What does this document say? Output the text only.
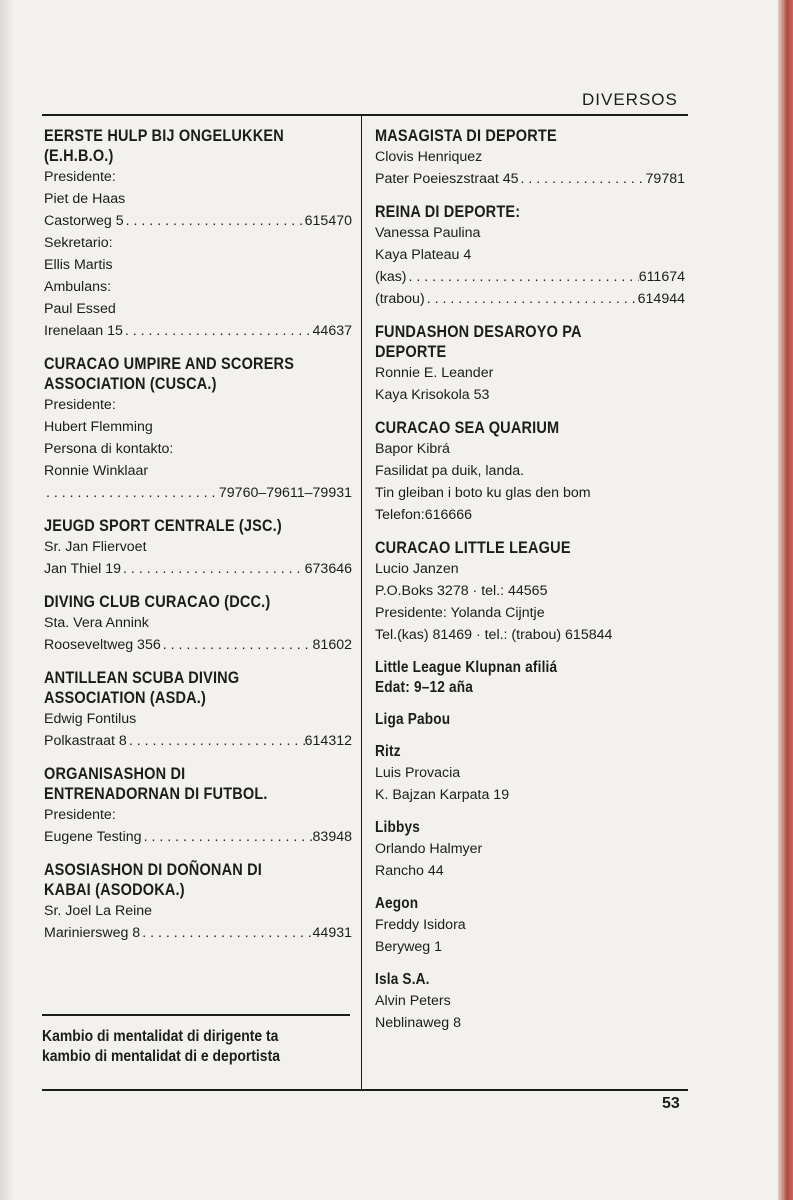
DIVERSOS
EERSTE HULP BIJ ONGELUKKEN
(E.H.B.O.)
Presidente:
Piet de Haas
Castorweg 5 . . .	615470
Sekretario:
Ellis Martis
Ambulans:
Paul Essed
Irenelaan 15 . . .	44637
CURACAO UMPIRE AND SCORERS
ASSOCIATION (CUSCA.)
Presidente:
Hubert Flemming
Persona di kontakto:
Ronnie Winklaar
. . .
79760–79611–79931
JEUGD SPORT CENTRALE (JSC.)
Sr. Jan Fliervoet
Jan Thiel 19 . . .	673646
DIVING CLUB CURACAO (DCC.)
Sta. Vera Annink
Rooseveltweg 356 . . .	81602
ANTILLEAN SCUBA DIVING
ASSOCIATION (ASDA.)
Edwig Fontilus
Polkastraat 8 . . .	614312
ORGANISASHON DI
ENTRENADORNAN DI FUTBOL.
Presidente:
Eugene Testing . . .	83948
ASOSIASHON DI DOÑONAN DI
KABAI (ASODOKA.)
Sr. Joel La Reine
Mariniersweg 8 . . .	44931
MASAGISTA DI DEPORTE
Clovis Henriquez
Pater Poeieszstraat 45 . . .	79781
REINA DI DEPORTE:
Vanessa Paulina
Kaya Plateau 4
(kas) . . .	611674
(trabou) . . .	614944
FUNDASHON DESAROYO PA
DEPORTE
Ronnie E. Leander
Kaya Krisokola 53
CURACAO SEA QUARIUM
Bapor Kibrá
Fasilidat pa duik, landa.
Tin gleiban i boto ku glas den bom
Telefon:616666
CURACAO LITTLE LEAGUE
Lucio Janzen
P.O.Boks 3278 · tel.: 44565
Presidente: Yolanda Cijntje
Tel.(kas) 81469 · tel.: (trabou) 615844
Little League Klupnan afiliá
Edat: 9–12 aña
Liga Pabou
Ritz
Luis Provacia
K. Bajzan Karpata 19
Libbys
Orlando Halmyer
Rancho 44
Aegon
Freddy Isidora
Beryweg 1
Isla S.A.
Alvin Peters
Neblinaweg 8
Kambio di mentalidat di dirigente ta
kambio di mentalidat di e deportista
53
